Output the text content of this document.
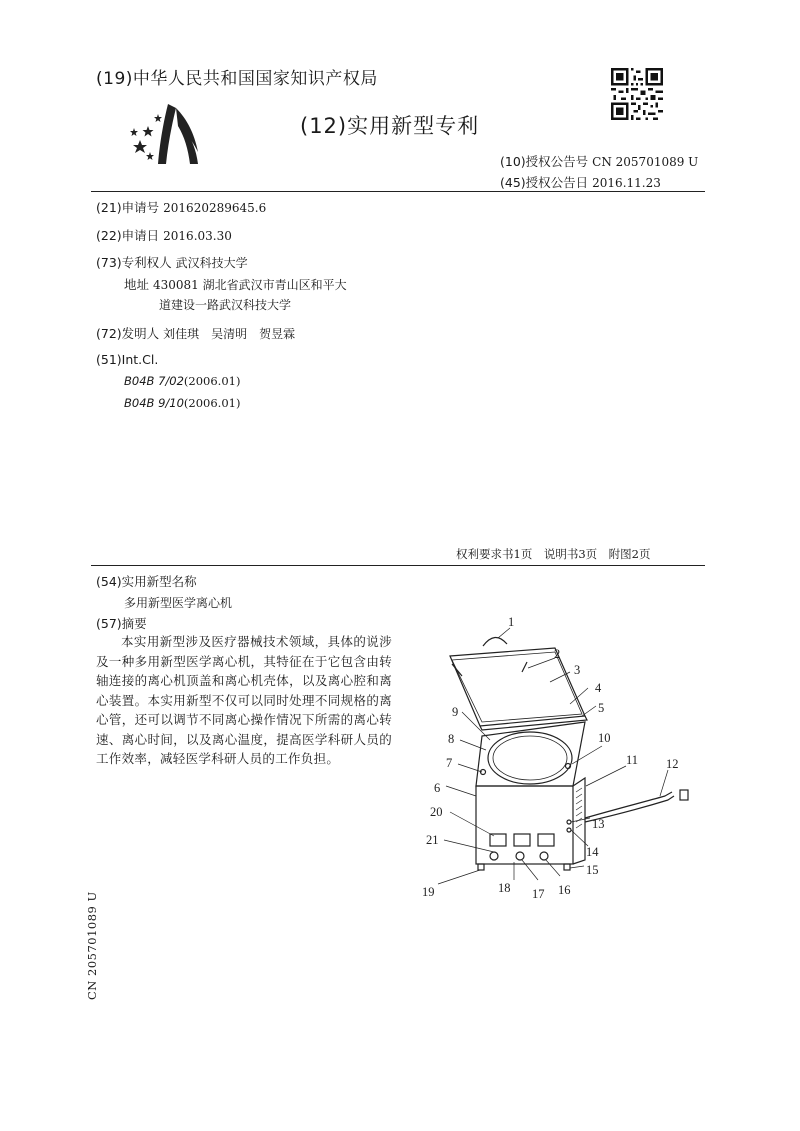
(19)中华人民共和国国家知识产权局
(12)实用新型专利
(10)授权公告号 CN 205701089 U
(45)授权公告日 2016.11.23
(21)申请号 201620289645.6
(22)申请日 2016.03.30
(73)专利权人 武汉科技大学
地址 430081 湖北省武汉市青山区和平大
道建设一路武汉科技大学
(72)发明人 刘佳琪　吴清明　贺昱霖
(51)Int.Cl.
B04B 7/02(2006.01)
B04B 9/10(2006.01)
权利要求书1页　说明书3页　附图2页
(54)实用新型名称
多用新型医学离心机
(57)摘要
本实用新型涉及医疗器械技术领域，具体的说涉及一种多用新型医学离心机，其特征在于它包含由转轴连接的离心机顶盖和离心机壳体，以及离心腔和离心装置。本实用新型不仅可以同时处理不同规格的离心管，还可以调节不同离心操作情况下所需的离心转速、离心时间，以及离心温度，提高医学科研人员的工作效率，减轻医学科研人员的工作负担。
CN 205701089 U
1
2
3
4
5
6
7
8
9
10
11 12
13
14
15
16
17
18
19
20
21
